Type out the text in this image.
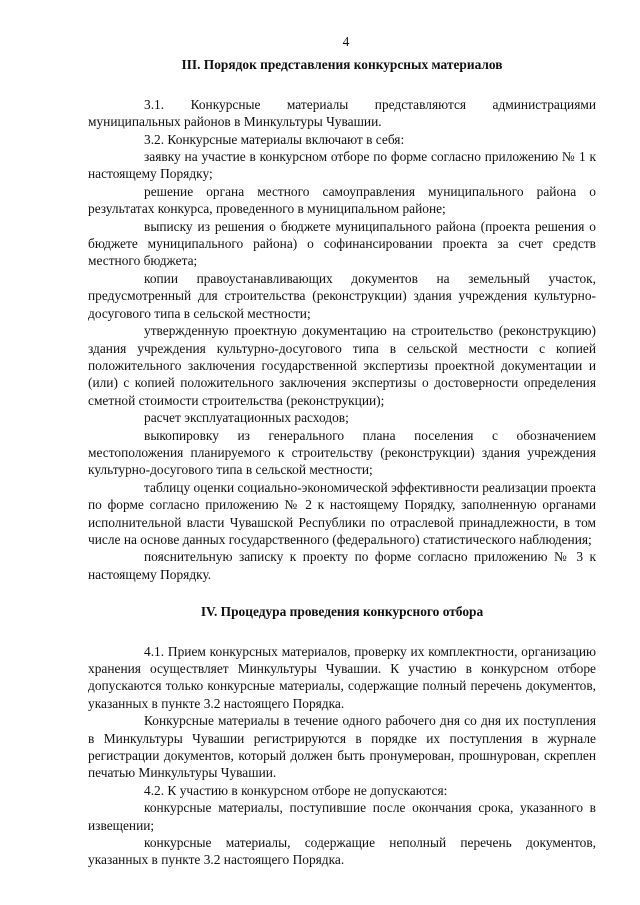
4
III. Порядок представления конкурсных материалов

3.1. Конкурсные материалы представляются администрациями муниципальных районов в Минкультуры Чувашии.

3.2. Конкурсные материалы включают в себя:

заявку на участие в конкурсном отборе по форме согласно приложению № 1 к настоящему Порядку;

решение органа местного самоуправления муниципального района о результатах конкурса, проведенного в муниципальном районе;

выписку из решения о бюджете муниципального района (проекта решения о бюджете муниципального района) о софинансировании проекта за счет средств местного бюджета;

копии правоустанавливающих документов на земельный участок, предусмотренный для строительства (реконструкции) здания учреждения культурно-досугового типа в сельской местности;

утвержденную проектную документацию на строительство (реконструкцию) здания учреждения культурно-досугового типа в сельской местности с копией положительного заключения государственной экспертизы проектной документации и (или) с копией положительного заключения экспертизы о достоверности определения сметной стоимости строительства (реконструкции);

расчет эксплуатационных расходов;

выкопировку из генерального плана поселения с обозначением местоположения планируемого к строительству (реконструкции) здания учреждения культурно-досугового типа в сельской местности;

таблицу оценки социально-экономической эффективности реализации проекта по форме согласно приложению № 2 к настоящему Порядку, заполненную органами исполнительной власти Чувашской Республики по отраслевой принадлежности, в том числе на основе данных государственного (федерального) статистического наблюдения;

пояснительную записку к проекту по форме согласно приложению № 3 к настоящему Порядку.

IV. Процедура проведения конкурсного отбора

4.1. Прием конкурсных материалов, проверку их комплектности, организацию хранения осуществляет Минкультуры Чувашии. К участию в конкурсном отборе допускаются только конкурсные материалы, содержащие полный перечень документов, указанных в пункте 3.2 настоящего Порядка.

Конкурсные материалы в течение одного рабочего дня со дня их поступления в Минкультуры Чувашии регистрируются в порядке их поступления в журнале регистрации документов, который должен быть пронумерован, прошнурован, скреплен печатью Минкультуры Чувашии.

4.2. К участию в конкурсном отборе не допускаются:

конкурсные материалы, поступившие после окончания срока, указанного в извещении;

конкурсные материалы, содержащие неполный перечень документов, указанных в пункте 3.2 настоящего Порядка.
